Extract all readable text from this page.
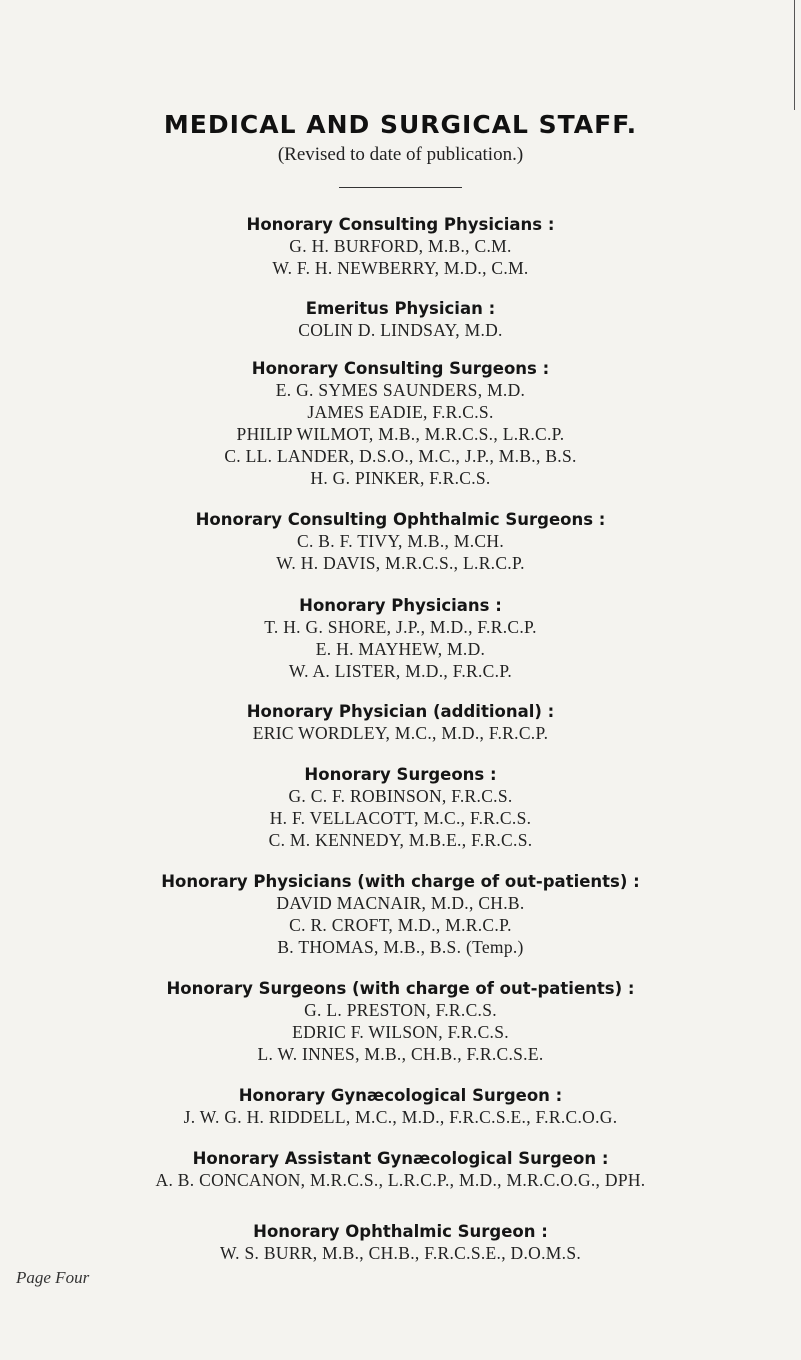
MEDICAL AND SURGICAL STAFF.
(Revised to date of publication.)
Honorary Consulting Physicians :
G. H. BURFORD, M.B., C.M.
W. F. H. NEWBERRY, M.D., C.M.
Emeritus Physician :
COLIN D. LINDSAY, M.D.
Honorary Consulting Surgeons :
E. G. SYMES SAUNDERS, M.D.
JAMES EADIE, F.R.C.S.
PHILIP WILMOT, M.B., M.R.C.S., L.R.C.P.
C. LL. LANDER, D.S.O., M.C., J.P., M.B., B.S.
H. G. PINKER, F.R.C.S.
Honorary Consulting Ophthalmic Surgeons :
C. B. F. TIVY, M.B., M.CH.
W. H. DAVIS, M.R.C.S., L.R.C.P.
Honorary Physicians :
T. H. G. SHORE, J.P., M.D., F.R.C.P.
E. H. MAYHEW, M.D.
W. A. LISTER, M.D., F.R.C.P.
Honorary Physician (additional) :
ERIC WORDLEY, M.C., M.D., F.R.C.P.
Honorary Surgeons :
G. C. F. ROBINSON, F.R.C.S.
H. F. VELLACOTT, M.C., F.R.C.S.
C. M. KENNEDY, M.B.E., F.R.C.S.
Honorary Physicians (with charge of out-patients) :
DAVID MACNAIR, M.D., CH.B.
C. R. CROFT, M.D., M.R.C.P.
B. THOMAS, M.B., B.S. (Temp.)
Honorary Surgeons (with charge of out-patients) :
G. L. PRESTON, F.R.C.S.
EDRIC F. WILSON, F.R.C.S.
L. W. INNES, M.B., CH.B., F.R.C.S.E.
Honorary Gynæcological Surgeon :
J. W. G. H. RIDDELL, M.C., M.D., F.R.C.S.E., F.R.C.O.G.
Honorary Assistant Gynæcological Surgeon :
A. B. CONCANON, M.R.C.S., L.R.C.P., M.D., M.R.C.O.G., DPH.
Honorary Ophthalmic Surgeon :
W. S. BURR, M.B., CH.B., F.R.C.S.E., D.O.M.S.
Page Four
